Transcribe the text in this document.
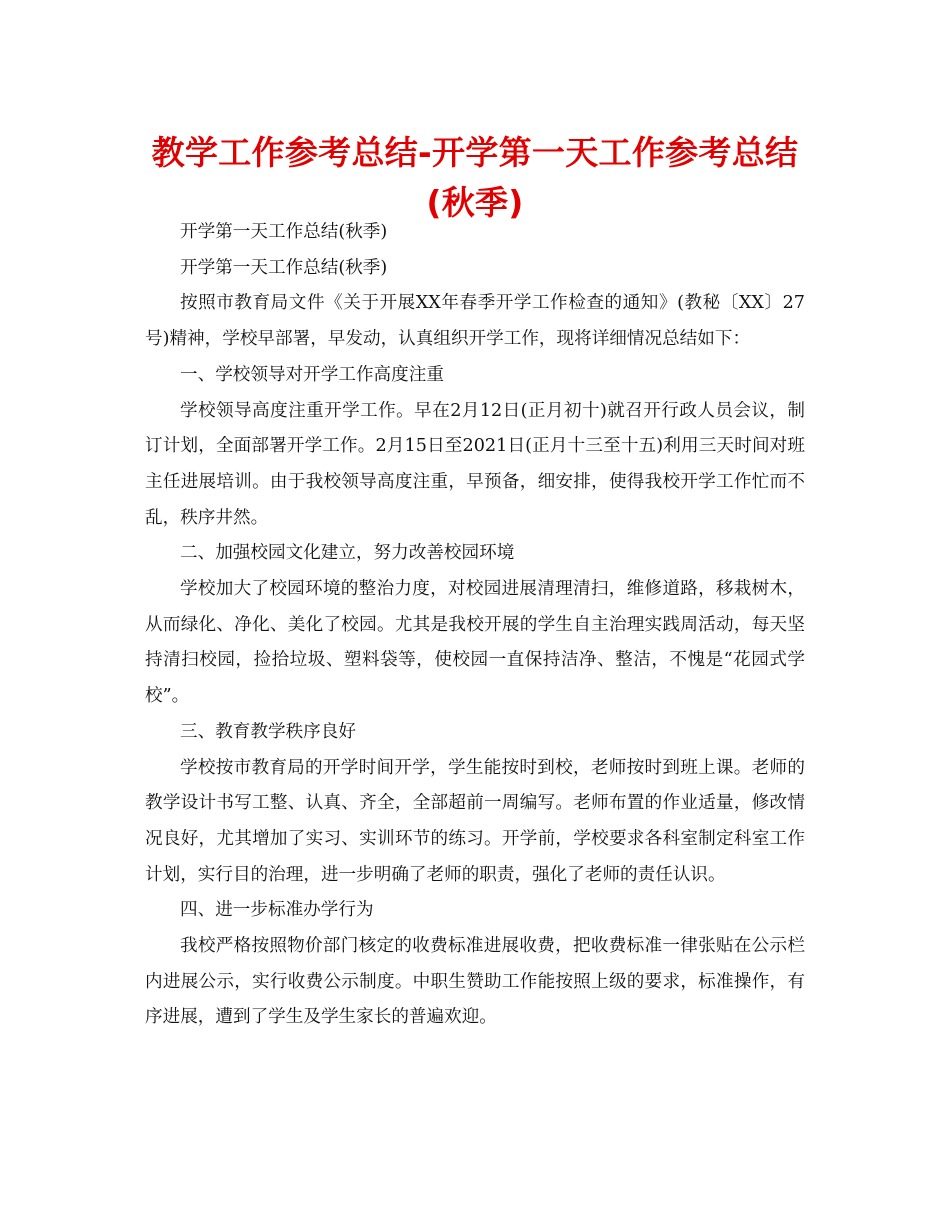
教学工作参考总结-开学第一天工作参考总结(秋季)

开学第一天工作总结(秋季)

开学第一天工作总结(秋季)

按照市教育局文件《关于开展XX年春季开学工作检查的通知》(教秘〔XX〕27号)精神，学校早部署，早发动，认真组织开学工作，现将详细情况总结如下：

一、学校领导对开学工作高度注重

学校领导高度注重开学工作。早在2月12日(正月初十)就召开行政人员会议，制订计划，全面部署开学工作。2月15日至2021日(正月十三至十五)利用三天时间对班主任进展培训。由于我校领导高度注重，早预备，细安排，使得我校开学工作忙而不乱，秩序井然。

二、加强校园文化建立，努力改善校园环境

学校加大了校园环境的整治力度，对校园进展清理清扫，维修道路，移栽树木，从而绿化、净化、美化了校园。尤其是我校开展的学生自主治理实践周活动，每天坚持清扫校园，捡拾垃圾、塑料袋等，使校园一直保持洁净、整洁，不愧是“花园式学校”。

三、教育教学秩序良好

学校按市教育局的开学时间开学，学生能按时到校，老师按时到班上课。老师的教学设计书写工整、认真、齐全，全部超前一周编写。老师布置的作业适量，修改情况良好，尤其增加了实习、实训环节的练习。开学前，学校要求各科室制定科室工作计划，实行目的治理，进一步明确了老师的职责，强化了老师的责任认识。

四、进一步标准办学行为

我校严格按照物价部门核定的收费标准进展收费，把收费标准一律张贴在公示栏内进展公示，实行收费公示制度。中职生赞助工作能按照上级的要求，标准操作，有序进展，遭到了学生及学生家长的普遍欢迎。
